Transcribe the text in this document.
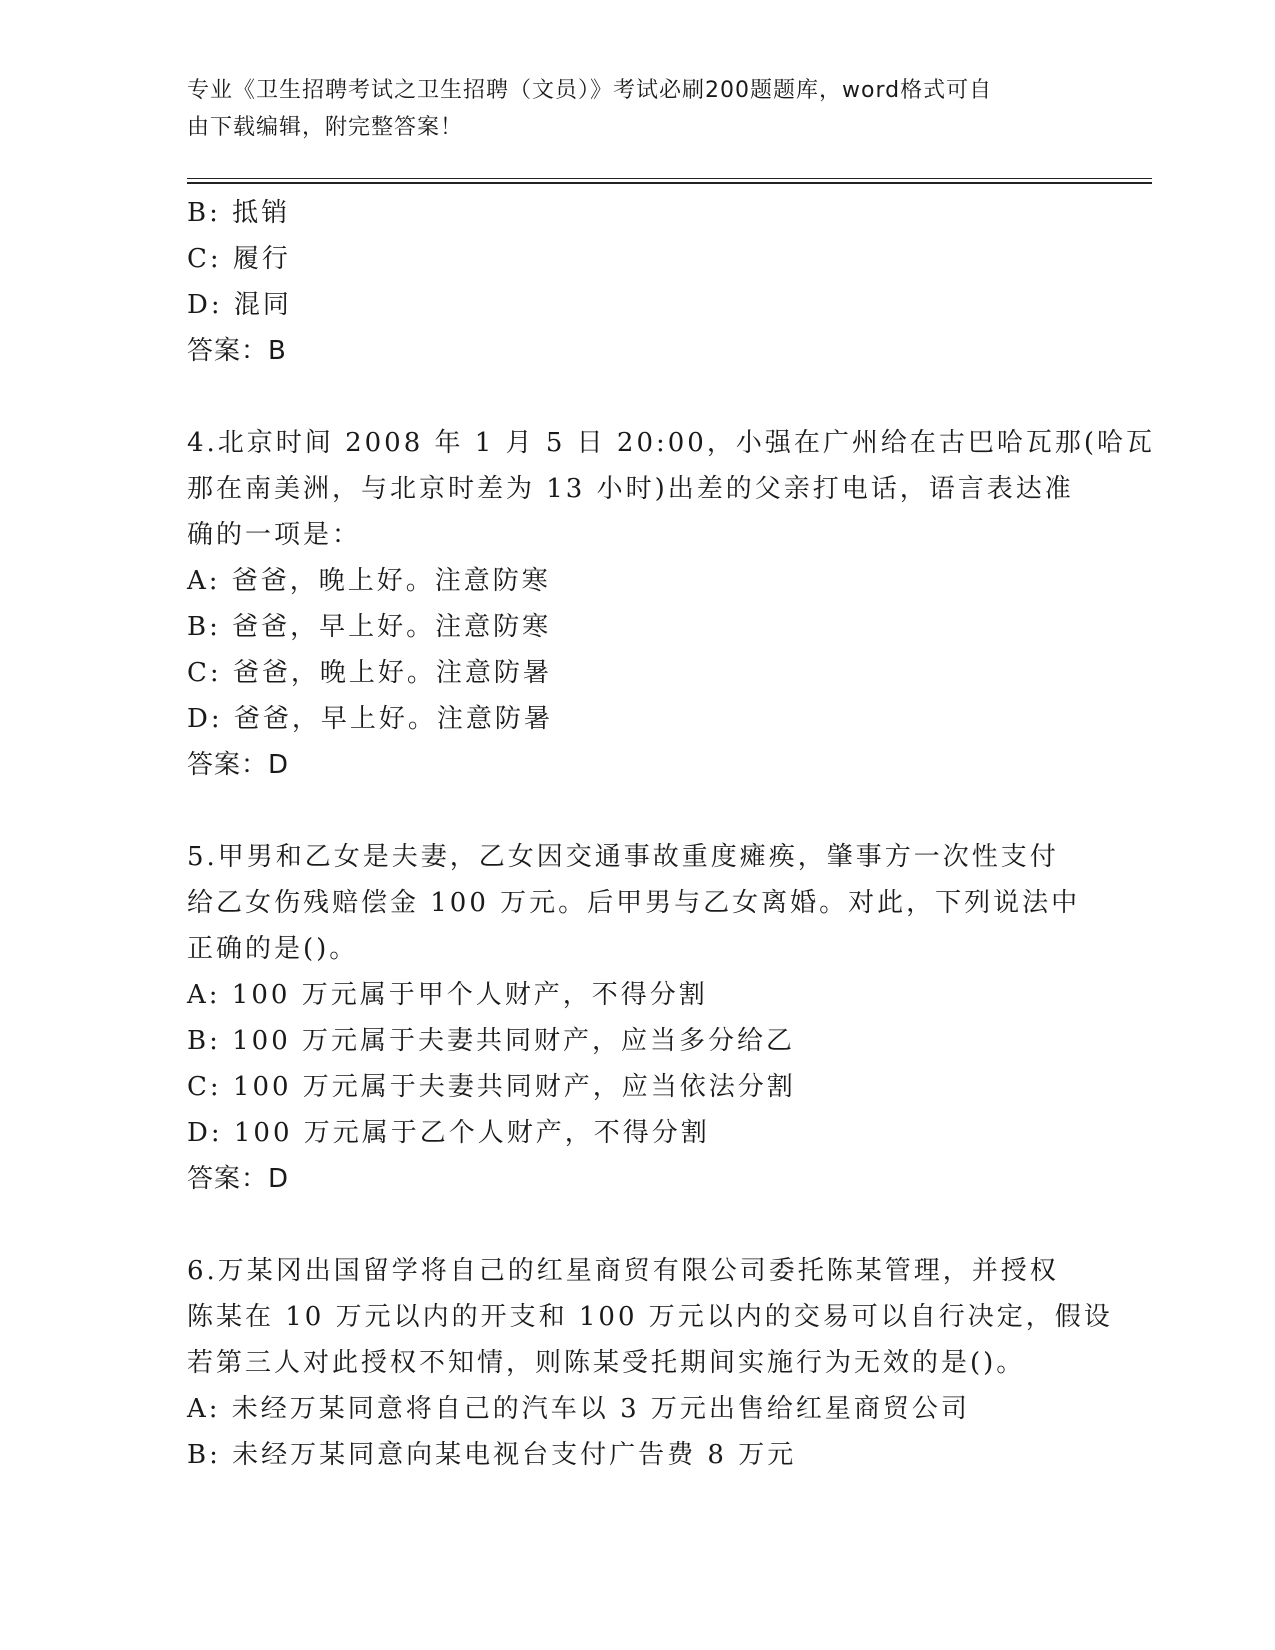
专业《卫生招聘考试之卫生招聘（文员）》考试必刷200题题库，word格式可自
由下载编辑，附完整答案！
B: 抵销
C: 履行
D: 混同
答案：B
4.北京时间 2008 年 1 月 5 日 20:00，小强在广州给在古巴哈瓦那(哈瓦
那在南美洲，与北京时差为 13 小时)出差的父亲打电话，语言表达准
确的一项是：
A: 爸爸，晚上好。注意防寒
B: 爸爸，早上好。注意防寒
C: 爸爸，晚上好。注意防暑
D: 爸爸，早上好。注意防暑
答案：D
5.甲男和乙女是夫妻，乙女因交通事故重度瘫痪，肇事方一次性支付
给乙女伤残赔偿金 100 万元。后甲男与乙女离婚。对此，下列说法中
正确的是()。
A: 100 万元属于甲个人财产，不得分割
B: 100 万元属于夫妻共同财产，应当多分给乙
C: 100 万元属于夫妻共同财产，应当依法分割
D: 100 万元属于乙个人财产，不得分割
答案：D
6.万某冈出国留学将自己的红星商贸有限公司委托陈某管理，并授权
陈某在 10 万元以内的开支和 100 万元以内的交易可以自行决定，假设
若第三人对此授权不知情，则陈某受托期间实施行为无效的是()。
A: 未经万某同意将自己的汽车以 3 万元出售给红星商贸公司
B: 未经万某同意向某电视台支付广告费 8 万元
